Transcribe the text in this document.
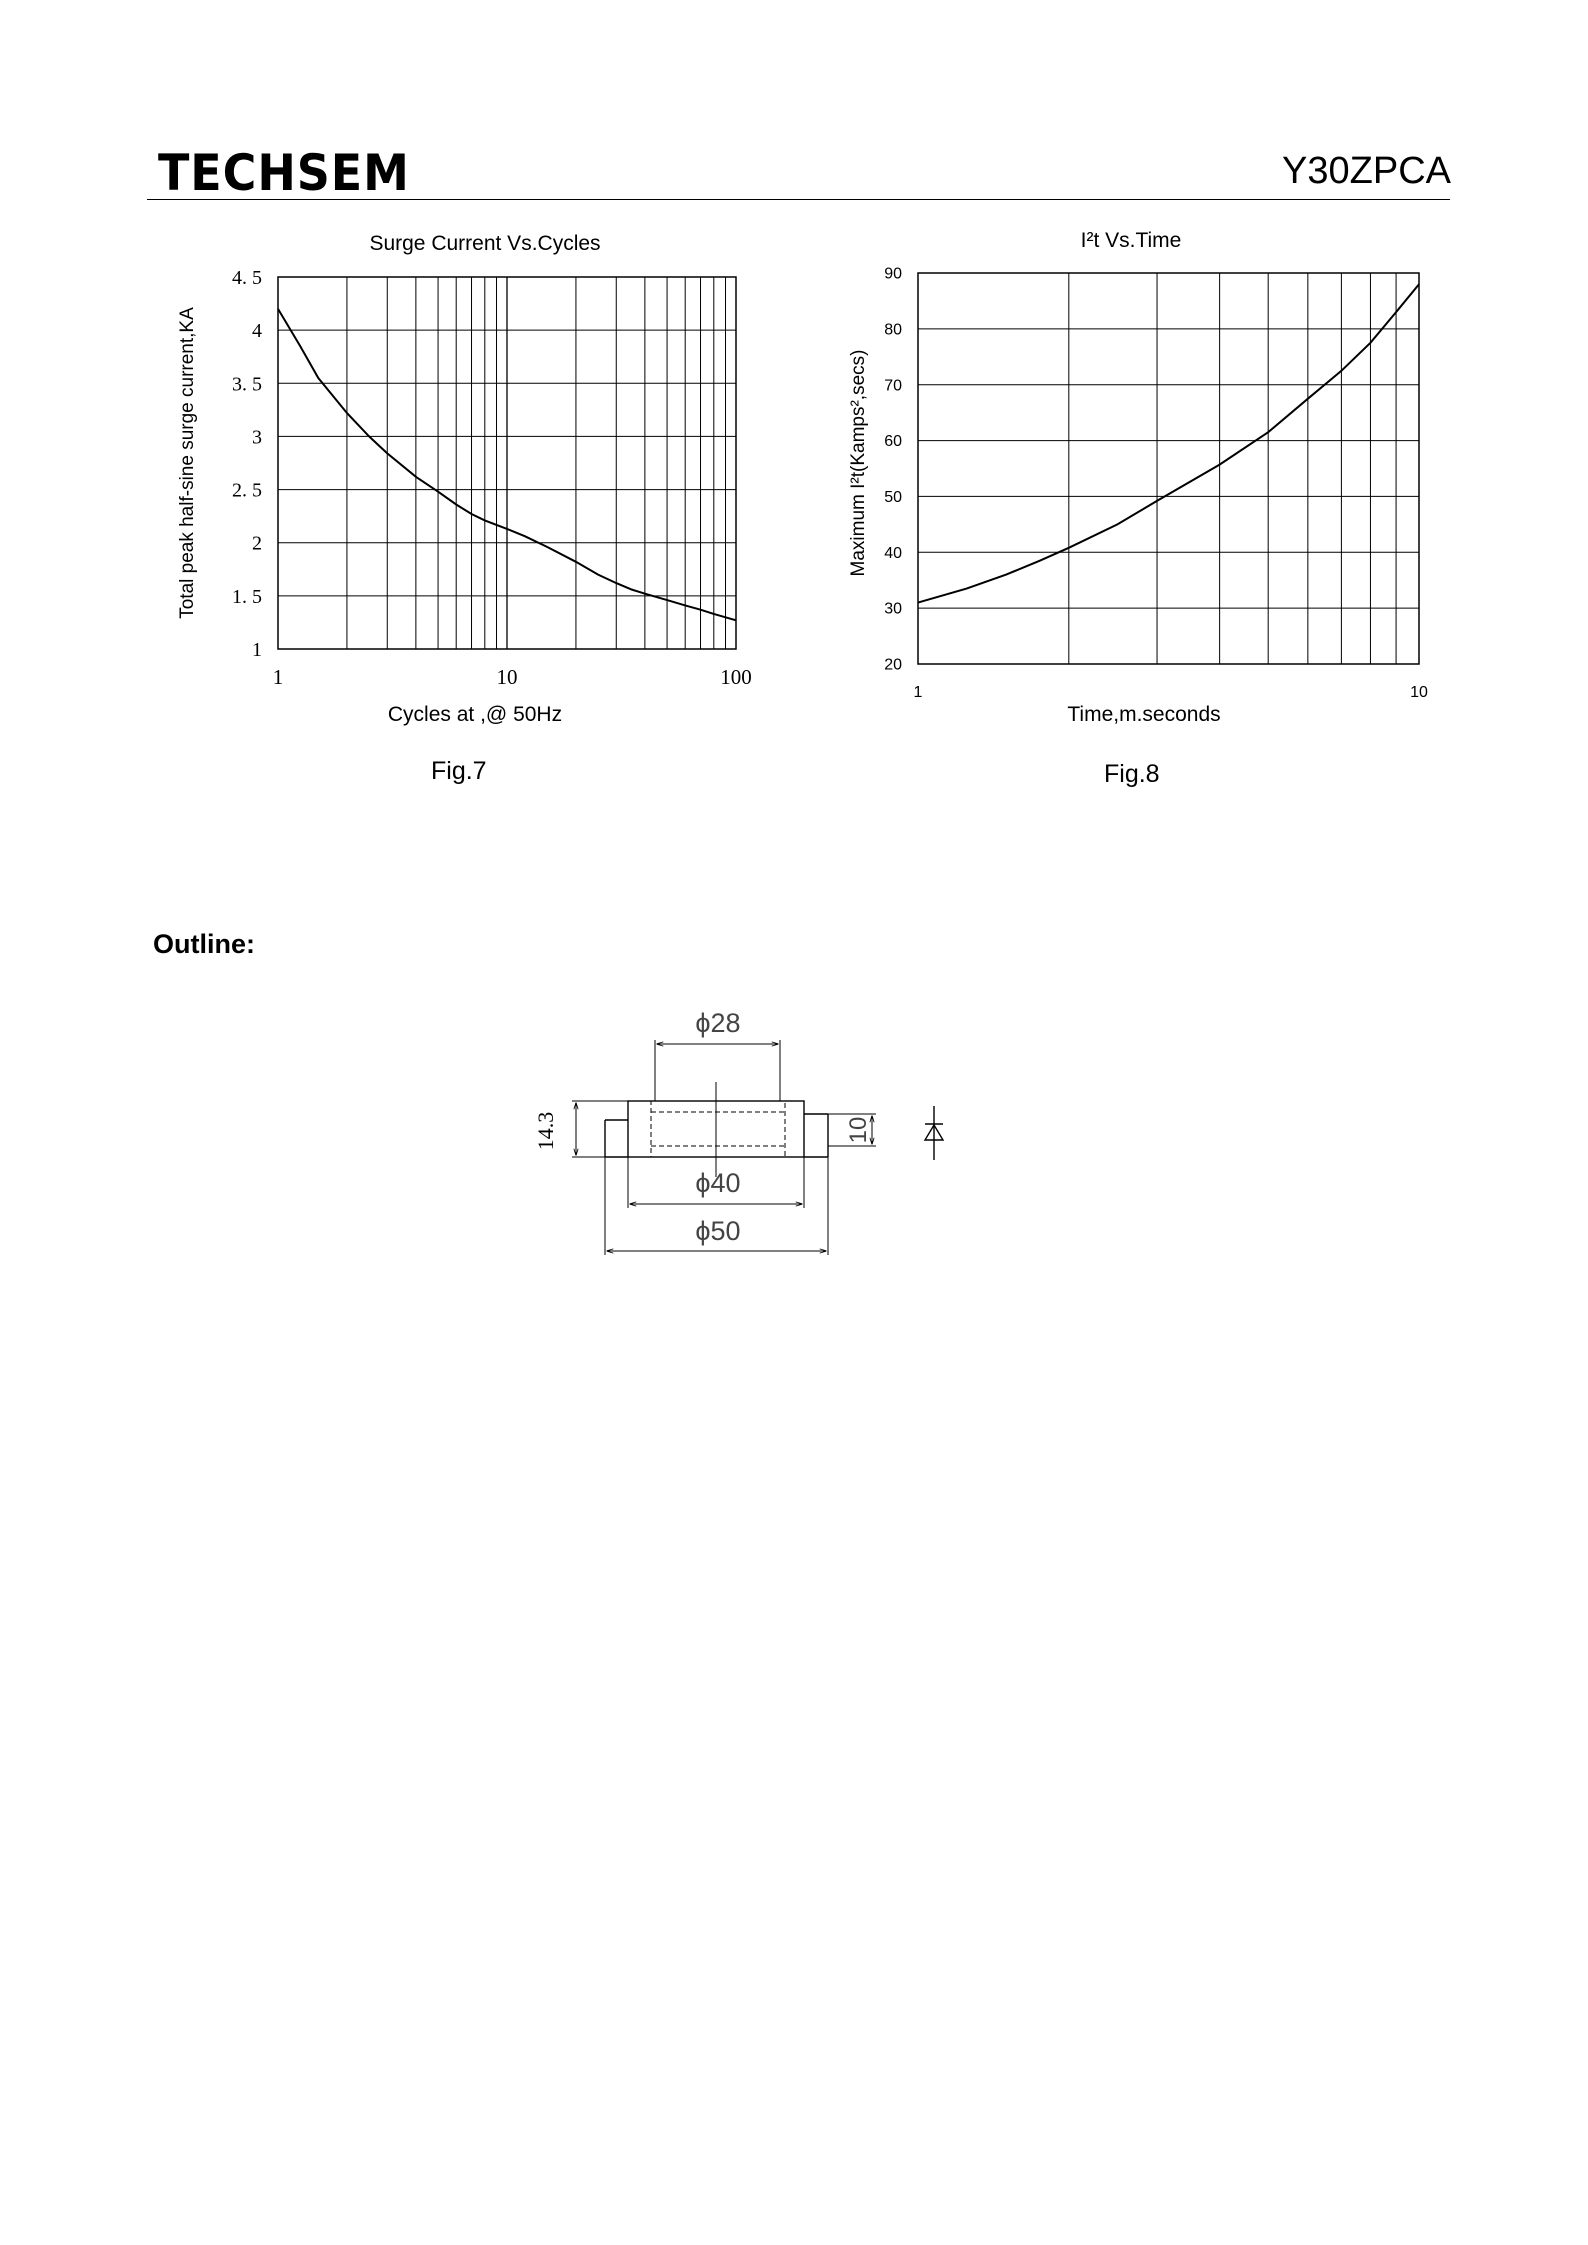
TECHSEM	Y30ZPCA
1
1. 5
2
2. 5
3
3. 5
4
4. 5
1	10	100
Surge Current Vs.Cycles
Cycles at ,@ 50Hz
Total peak half-sine surge current,KA
20
30
40
50
60
70
80
90
1	10
I²t Vs.Time
Time,m.seconds
Maximum I²t(Kamps²,secs)
ϕ28
ϕ40
ϕ50
14.3	10
Fig.7	Fig.8
Outline:
